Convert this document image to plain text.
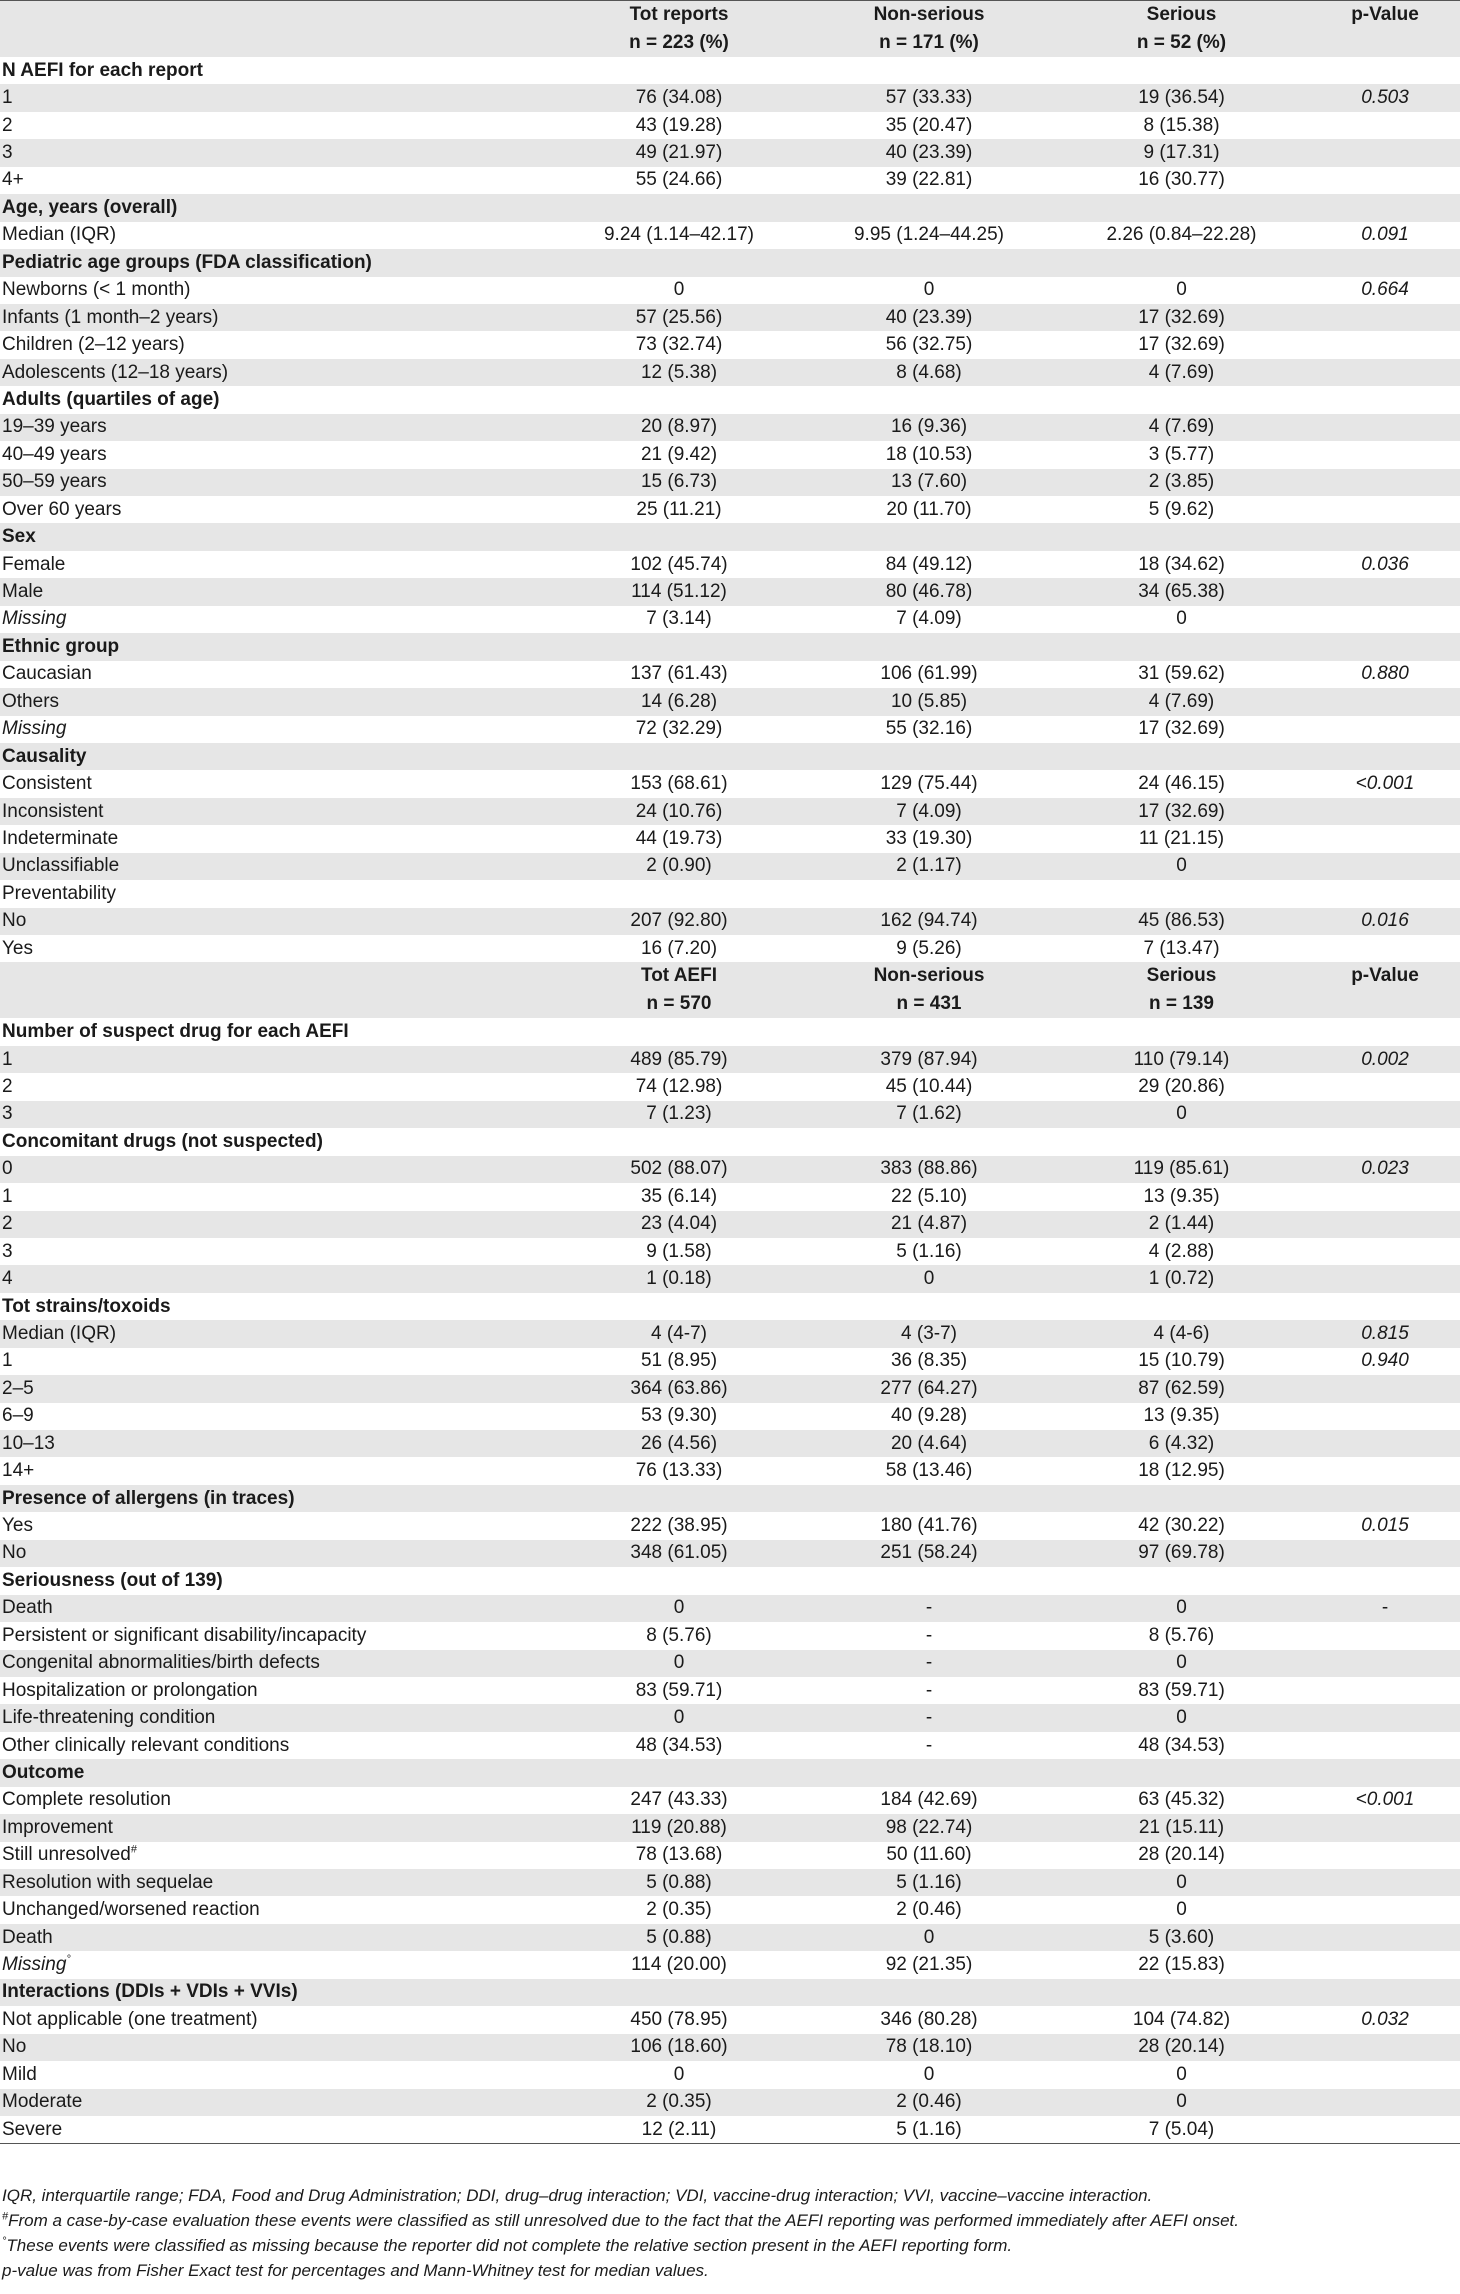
	Tot reports	Non-serious	Serious	p-Value
	n = 223 (%)	n = 171 (%)	n = 52 (%)	
N AEFI for each report				
1	76 (34.08)	57 (33.33)	19 (36.54)	0.503
2	43 (19.28)	35 (20.47)	8 (15.38)	
3	49 (21.97)	40 (23.39)	9 (17.31)	
4+	55 (24.66)	39 (22.81)	16 (30.77)	
Age, years (overall)				
Median (IQR)	9.24 (1.14–42.17)	9.95 (1.24–44.25)	2.26 (0.84–22.28)	0.091
Pediatric age groups (FDA classification)				
Newborns (< 1 month)	0	0	0	0.664
Infants (1 month–2 years)	57 (25.56)	40 (23.39)	17 (32.69)	
Children (2–12 years)	73 (32.74)	56 (32.75)	17 (32.69)	
Adolescents (12–18 years)	12 (5.38)	8 (4.68)	4 (7.69)	
Adults (quartiles of age)				
19–39 years	20 (8.97)	16 (9.36)	4 (7.69)	
40–49 years	21 (9.42)	18 (10.53)	3 (5.77)	
50–59 years	15 (6.73)	13 (7.60)	2 (3.85)	
Over 60 years	25 (11.21)	20 (11.70)	5 (9.62)	
Sex				
Female	102 (45.74)	84 (49.12)	18 (34.62)	0.036
Male	114 (51.12)	80 (46.78)	34 (65.38)	
Missing	7 (3.14)	7 (4.09)	0	
Ethnic group				
Caucasian	137 (61.43)	106 (61.99)	31 (59.62)	0.880
Others	14 (6.28)	10 (5.85)	4 (7.69)	
Missing	72 (32.29)	55 (32.16)	17 (32.69)	
Causality				
Consistent	153 (68.61)	129 (75.44)	24 (46.15)	<0.001
Inconsistent	24 (10.76)	7 (4.09)	17 (32.69)	
Indeterminate	44 (19.73)	33 (19.30)	11 (21.15)	
Unclassifiable	2 (0.90)	2 (1.17)	0	
Preventability				
No	207 (92.80)	162 (94.74)	45 (86.53)	0.016
Yes	16 (7.20)	9 (5.26)	7 (13.47)	
	Tot AEFI	Non-serious	Serious	p-Value
	n = 570	n = 431	n = 139	
Number of suspect drug for each AEFI				
1	489 (85.79)	379 (87.94)	110 (79.14)	0.002
2	74 (12.98)	45 (10.44)	29 (20.86)	
3	7 (1.23)	7 (1.62)	0	
Concomitant drugs (not suspected)				
0	502 (88.07)	383 (88.86)	119 (85.61)	0.023
1	35 (6.14)	22 (5.10)	13 (9.35)	
2	23 (4.04)	21 (4.87)	2 (1.44)	
3	9 (1.58)	5 (1.16)	4 (2.88)	
4	1 (0.18)	0	1 (0.72)	
Tot strains/toxoids				
Median (IQR)	4 (4-7)	4 (3-7)	4 (4-6)	0.815
1	51 (8.95)	36 (8.35)	15 (10.79)	0.940
2–5	364 (63.86)	277 (64.27)	87 (62.59)	
6–9	53 (9.30)	40 (9.28)	13 (9.35)	
10–13	26 (4.56)	20 (4.64)	6 (4.32)	
14+	76 (13.33)	58 (13.46)	18 (12.95)	
Presence of allergens (in traces)				
Yes	222 (38.95)	180 (41.76)	42 (30.22)	0.015
No	348 (61.05)	251 (58.24)	97 (69.78)	
Seriousness (out of 139)				
Death	0	-	0	-
Persistent or significant disability/incapacity	8 (5.76)	-	8 (5.76)	
Congenital abnormalities/birth defects	0	-	0	
Hospitalization or prolongation	83 (59.71)	-	83 (59.71)	
Life-threatening condition	0	-	0	
Other clinically relevant conditions	48 (34.53)	-	48 (34.53)	
Outcome				
Complete resolution	247 (43.33)	184 (42.69)	63 (45.32)	<0.001
Improvement	119 (20.88)	98 (22.74)	21 (15.11)	
Still unresolved#	78 (13.68)	50 (11.60)	28 (20.14)	
Resolution with sequelae	5 (0.88)	5 (1.16)	0	
Unchanged/worsened reaction	2 (0.35)	2 (0.46)	0	
Death	5 (0.88)	0	5 (3.60)	
Missing°	114 (20.00)	92 (21.35)	22 (15.83)	
Interactions (DDIs + VDIs + VVIs)				
Not applicable (one treatment)	450 (78.95)	346 (80.28)	104 (74.82)	0.032
No	106 (18.60)	78 (18.10)	28 (20.14)	
Mild	0	0	0	
Moderate	2 (0.35)	2 (0.46)	0	
Severe	12 (2.11)	5 (1.16)	7 (5.04)	
IQR, interquartile range; FDA, Food and Drug Administration; DDI, drug–drug interaction; VDI, vaccine-drug interaction; VVI, vaccine–vaccine interaction.
#From a case-by-case evaluation these events were classified as still unresolved due to the fact that the AEFI reporting was performed immediately after AEFI onset.
°These events were classified as missing because the reporter did not complete the relative section present in the AEFI reporting form.
p-value was from Fisher Exact test for percentages and Mann-Whitney test for median values.
